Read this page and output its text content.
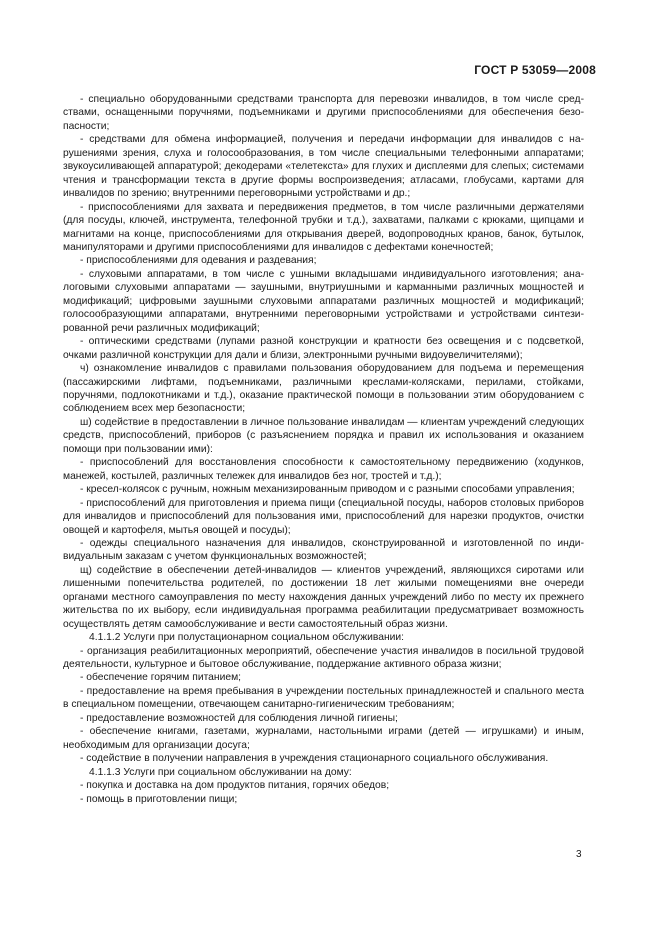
ГОСТ Р 53059—2008

- специально оборудованными средствами транспорта для перевозки инвалидов, в том числе средствами, оснащенными поручнями, подъемниками и другими приспособлениями для обеспечения безопасности;

- средствами для обмена информацией, получения и передачи информации для инвалидов с нарушениями зрения, слуха и голосообразования, в том числе специальными телефонными аппаратами; звукоусиливающей аппаратурой; декодерами «телетекста» для глухих и дисплеями для слепых; системами чтения и трансформации текста в другие формы воспроизведения; атласами, глобусами, картами для инвалидов по зрению; внутренними переговорными устройствами и др.;

- приспособлениями для захвата и передвижения предметов, в том числе различными держателями (для посуды, ключей, инструмента, телефонной трубки и т.д.), захватами, палками с крюками, щипцами и магнитами на конце, приспособлениями для открывания дверей, водопроводных кранов, банок, бутылок, манипуляторами и другими приспособлениями для инвалидов с дефектами конечностей;

- приспособлениями для одевания и раздевания;

- слуховыми аппаратами, в том числе с ушными вкладышами индивидуального изготовления; аналоговыми слуховыми аппаратами — заушными, внутриушными и карманными различных мощностей и модификаций; цифровыми заушными слуховыми аппаратами различных мощностей и модификаций; голосообразующими аппаратами, внутренними переговорными устройствами и устройствами синтезированной речи различных модификаций;

- оптическими средствами (лупами разной конструкции и кратности без освещения и с подсветкой, очками различной конструкции для дали и близи, электронными ручными видоувеличителями);

ч) ознакомление инвалидов с правилами пользования оборудованием для подъема и перемещения (пассажирскими лифтами, подъемниками, различными креслами-колясками, перилами, стойками, поручнями, подлокотниками и т.д.), оказание практической помощи в пользовании этим оборудованием с соблюдением всех мер безопасности;

ш) содействие в предоставлении в личное пользование инвалидам — клиентам учреждений следующих средств, приспособлений, приборов (с разъяснением порядка и правил их использования и оказанием помощи при пользовании ими):

- приспособлений для восстановления способности к самостоятельному передвижению (ходунков, манежей, костылей, различных тележек для инвалидов без ног, тростей и т.д.);

- кресел-колясок с ручным, ножным механизированным приводом и с разными способами управления;

- приспособлений для приготовления и приема пищи (специальной посуды, наборов столовых приборов для инвалидов и приспособлений для пользования ими, приспособлений для нарезки продуктов, очистки овощей и картофеля, мытья овощей и посуды);

- одежды специального назначения для инвалидов, сконструированной и изготовленной по индивидуальным заказам с учетом функциональных возможностей;

щ) содействие в обеспечении детей-инвалидов — клиентов учреждений, являющихся сиротами или лишенными попечительства родителей, по достижении 18 лет жилыми помещениями вне очереди органами местного самоуправления по месту нахождения данных учреждений либо по месту их прежнего жительства по их выбору, если индивидуальная программа реабилитации предусматривает возможность осуществлять детям самообслуживание и вести самостоятельный образ жизни.

4.1.1.2 Услуги при полустационарном социальном обслуживании:

- организация реабилитационных мероприятий, обеспечение участия инвалидов в посильной трудовой деятельности, культурное и бытовое обслуживание, поддержание активного образа жизни;

- обеспечение горячим питанием;

- предоставление на время пребывания в учреждении постельных принадлежностей и спального места в специальном помещении, отвечающем санитарно-гигиеническим требованиям;

- предоставление возможностей для соблюдения личной гигиены;

- обеспечение книгами, газетами, журналами, настольными играми (детей — игрушками) и иным, необходимым для организации досуга;

- содействие в получении направления в учреждения стационарного социального обслуживания.

4.1.1.3 Услуги при социальном обслуживании на дому:

- покупка и доставка на дом продуктов питания, горячих обедов;

- помощь в приготовлении пищи;

3
